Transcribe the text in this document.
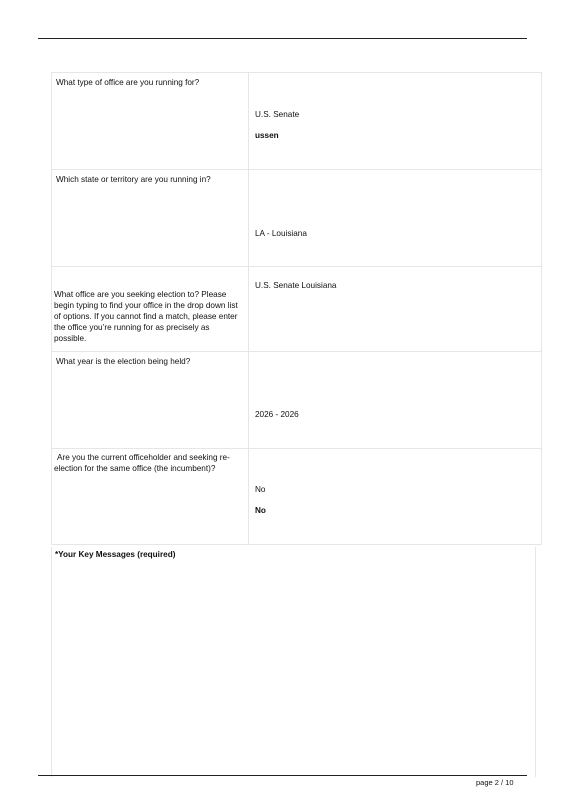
What type of office are you running for?	U.S. Senate
ussen

Which state or territory are you running in?	LA - Louisiana

What office are you seeking election to? Please begin typing to find your office in the drop down list of options. If you cannot find a match, please enter the office you’re running for as precisely as possible.	U.S. Senate Louisiana

What year is the election being held?	2026 - 2026

Are you the current officeholder and seeking re-election for the same office (the incumbent)?	No
No
*Your Key Messages (required)
page 2 / 10
